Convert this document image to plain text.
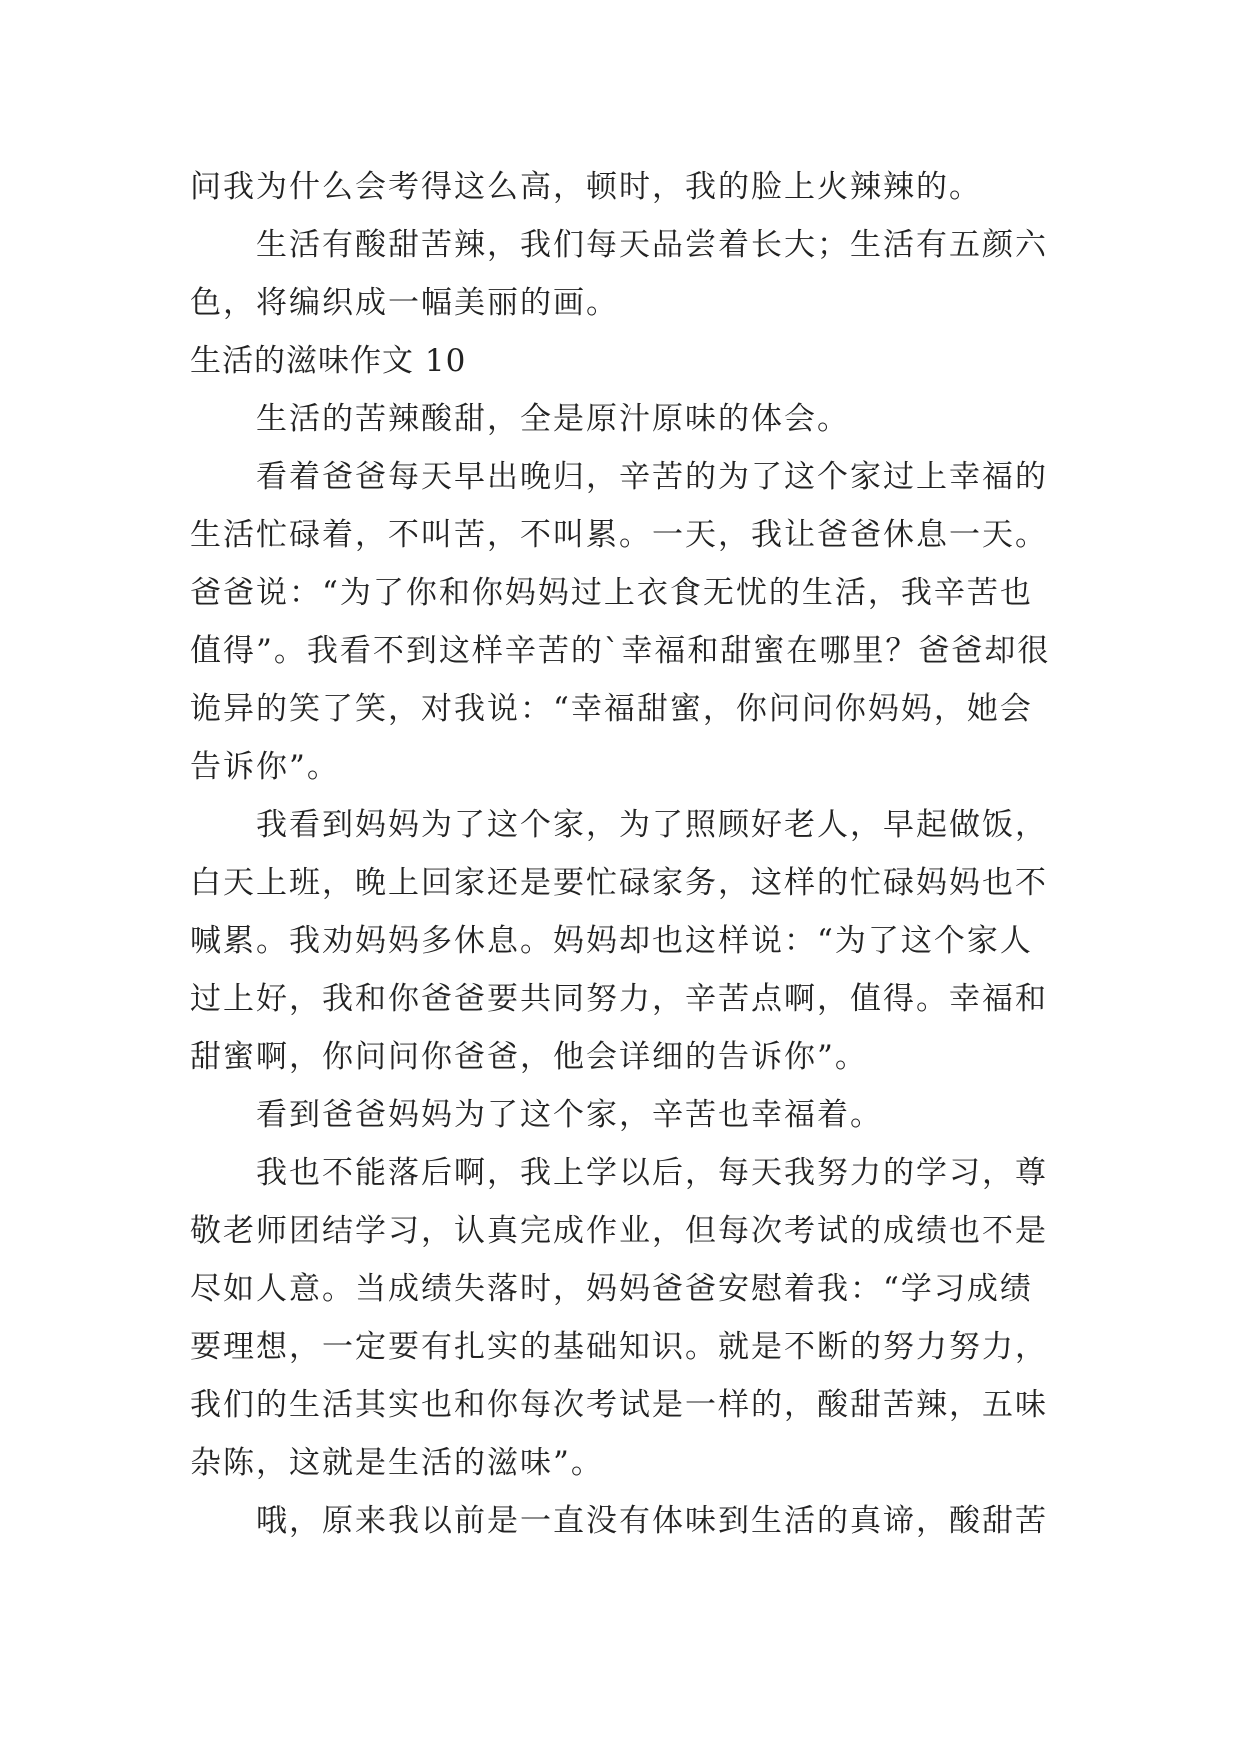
问我为什么会考得这么高，顿时，我的脸上火辣辣的。
生活有酸甜苦辣，我们每天品尝着长大；生活有五颜六
色，将编织成一幅美丽的画。
生活的滋味作文 10
生活的苦辣酸甜，全是原汁原味的体会。
看着爸爸每天早出晚归，辛苦的为了这个家过上幸福的
生活忙碌着，不叫苦，不叫累。一天，我让爸爸休息一天。
爸爸说：“为了你和你妈妈过上衣食无忧的生活，我辛苦也
值得”。我看不到这样辛苦的`幸福和甜蜜在哪里？爸爸却很
诡异的笑了笑，对我说：“幸福甜蜜，你问问你妈妈，她会
告诉你”。
我看到妈妈为了这个家，为了照顾好老人，早起做饭，
白天上班，晚上回家还是要忙碌家务，这样的忙碌妈妈也不
喊累。我劝妈妈多休息。妈妈却也这样说：“为了这个家人
过上好，我和你爸爸要共同努力，辛苦点啊，值得。幸福和
甜蜜啊，你问问你爸爸，他会详细的告诉你”。
看到爸爸妈妈为了这个家，辛苦也幸福着。
我也不能落后啊，我上学以后，每天我努力的学习，尊
敬老师团结学习，认真完成作业，但每次考试的成绩也不是
尽如人意。当成绩失落时，妈妈爸爸安慰着我：“学习成绩
要理想，一定要有扎实的基础知识。就是不断的努力努力，
我们的生活其实也和你每次考试是一样的，酸甜苦辣，五味
杂陈，这就是生活的滋味”。
哦，原来我以前是一直没有体味到生活的真谛，酸甜苦
